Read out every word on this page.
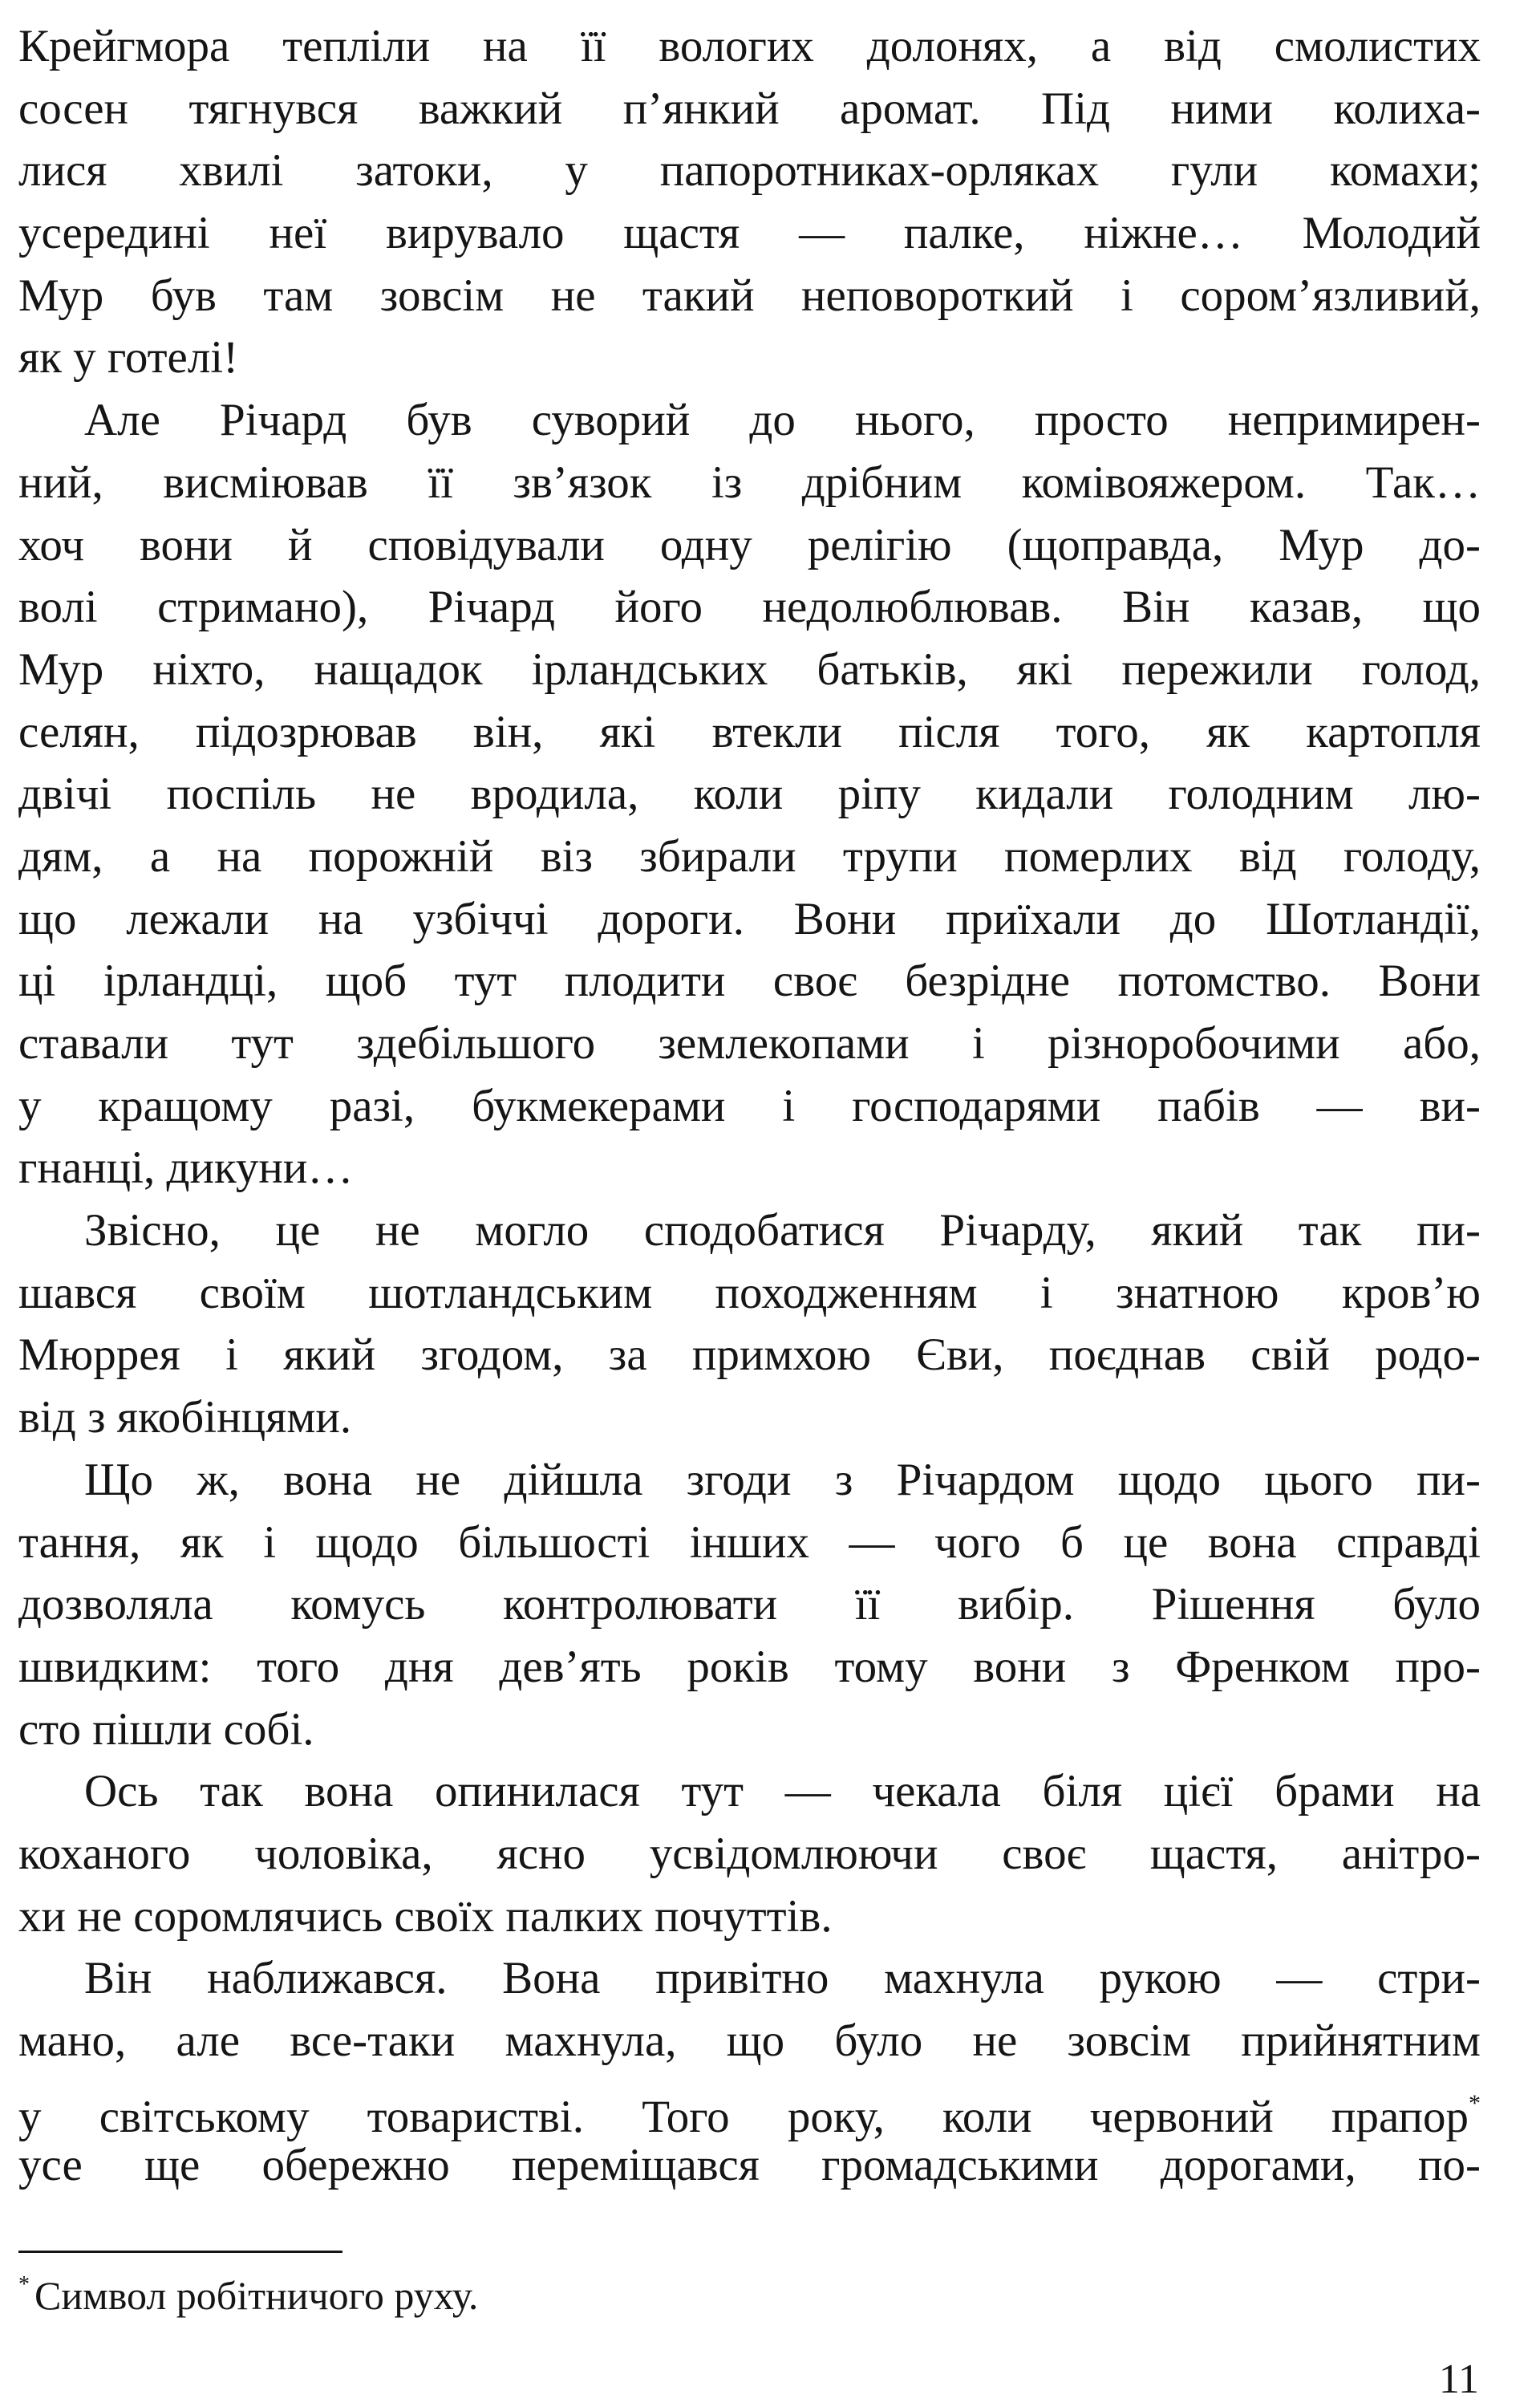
Крейгмора теплiли на її вологих долонях, а від смолистих
сосен тягнувся важкий п’янкий аромат. Під ними колиха-
лися хвилі затоки, у папоротниках-орляках гули комахи;
усередині неї вирувало щастя — палке, ніжне… Молодий
Мур був там зовсім не такий неповороткий і сором’язливий,
як у готелі!
Але Річард був суворий до нього, просто непримирен-
ний, висміював її зв’язок із дрібним комівояжером. Так…
хоч вони й сповідували одну релігію (щоправда, Мур до-
волі стримано), Річард його недолюблював. Він казав, що
Мур ніхто, нащадок ірландських батьків, які пережили голод,
селян, підозрював він, які втекли після того, як картопля
двічі поспіль не вродила, коли ріпу кидали голодним лю-
дям, а на порожній віз збирали трупи померлих від голоду,
що лежали на узбіччі дороги. Вони приїхали до Шотландії,
ці ірландці, щоб тут плодити своє безрідне потомство. Вони
ставали тут здебільшого землекопами і різноробочими або,
у кращому разі, букмекерами і господарями пабів — ви-
гнанці, дикуни…
Звісно, це не могло сподобатися Річарду, який так пи-
шався своїм шотландським походженням і знатною кров’ю
Мюррея і який згодом, за примхою Єви, поєднав свій родо-
від з якобінцями.
Що ж, вона не дійшла згоди з Річардом щодо цього пи-
тання, як і щодо більшості інших — чого б це вона справді
дозволяла комусь контролювати її вибір. Рішення було
швидким: того дня дев’ять років тому вони з Френком про-
сто пішли собі.
Ось так вона опинилася тут — чекала біля цієї брами на
коханого чоловіка, ясно усвідомлюючи своє щастя, анітро-
хи не соромлячись своїх палких почуттів.
Він наближався. Вона привітно махнула рукою — стри-
мано, але все-таки махнула, що було не зовсім прийнятним
у світському товаристві. Того року, коли червоний прапор*
усе ще обережно переміщався громадськими дорогами, по-
* Символ робітничого руху.
11
